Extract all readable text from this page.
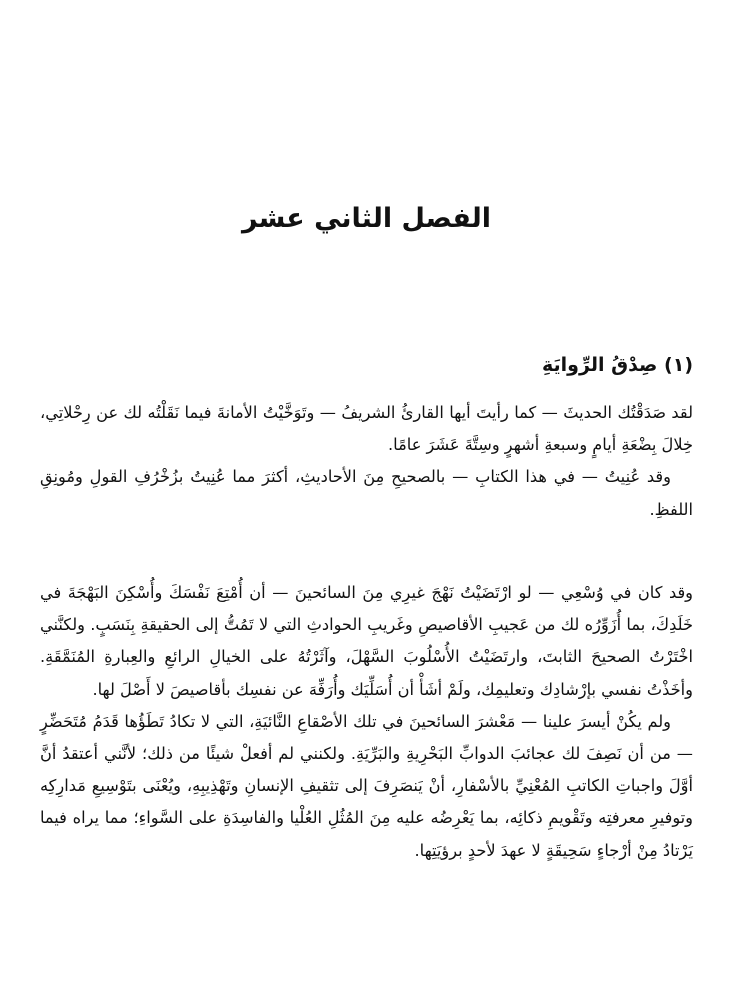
الفصل الثاني عشر
(١) صِدْقُ الرِّوايَةِ

لقد صَدَقْتُك الحديثَ — كما رأيتَ أيها القارئُ الشريفُ — وتَوَخَّيْتُ الأمانةَ فيما نَقَلْتُه لك عن رِحْلاتِي، خِلالَ بِضْعَةِ أيامٍ وسبعةِ أشهرٍ وسِتَّةَ عَشَرَ عامًا.

وقد عُنِيتُ — في هذا الكتابِ — بالصحيحِ مِنَ الأحاديثِ، أكثرَ مما عُنِيتُ بزُخْرُفِ القولِ ومُونِقِ اللفظِ.

وقد كان في وُسْعِي — لو ارْتَضَيْتُ نَهْجَ غيرِي مِنَ السائحينَ — أن أُمْتِعَ نَفْسَكَ وأُسْكِنَ البَهْجَةَ في خَلَدِكَ، بما أُزَوِّرُه لك من عَجيبِ الأقاصيصِ وغَريبِ الحوادثِ التي لا تَمُتُّ إلى الحقيقةِ بِنَسَبٍ. ولكنَّني اخْتَرْتُ الصحيحَ الثابتَ، وارتَضَيْتُ الأُسْلُوبَ السَّهْلَ، وآثَرْتُهُ على الخيالِ الرائعِ والعِبارةِ المُنَمَّقَةِ. وأخَذْتُ نفسي بإرْشادِك وتعليمِك، ولَمْ أشَأْ أن أُسَلِّيَك وأُرَفِّهَ عن نفسِك بأقاصيصَ لا أَصْلَ لها.

ولم يكُنْ أيسرَ علينا — مَعْشرَ السائحينَ في تلك الأصْقاعِ النَّائيَةِ، التي لا تكادُ تَطَؤُها قَدَمُ مُتَحَضِّرٍ — من أن نَصِفَ لك عجائبَ الدوابِّ البَحْرِيةِ والبَرِّيَةِ. ولكنني لم أفعلْ شيئًا من ذلك؛ لأنَّني أعتقدُ أنَّ أوَّلَ واجباتِ الكاتبِ المُعْنِيِّ بالأسْفارِ، أنْ يَنصَرِفَ إلى تثقيفِ الإنسانِ وتَهْذِيبِهِ، ويُعْنَى بتَوْسِيعِ مَدارِكِه وتوفيرِ معرفتِه وتَقْويمِ ذكائِه، بما يَعْرِضُه عليه مِنَ المُثُلِ العُلْيا والفاسِدَةِ على السَّواءِ؛ مما يراه فيما يَرْتادُ مِنْ أرْجاءٍ سَحِيقَةٍ لا عهدَ لأحدٍ برؤيَتِها.
